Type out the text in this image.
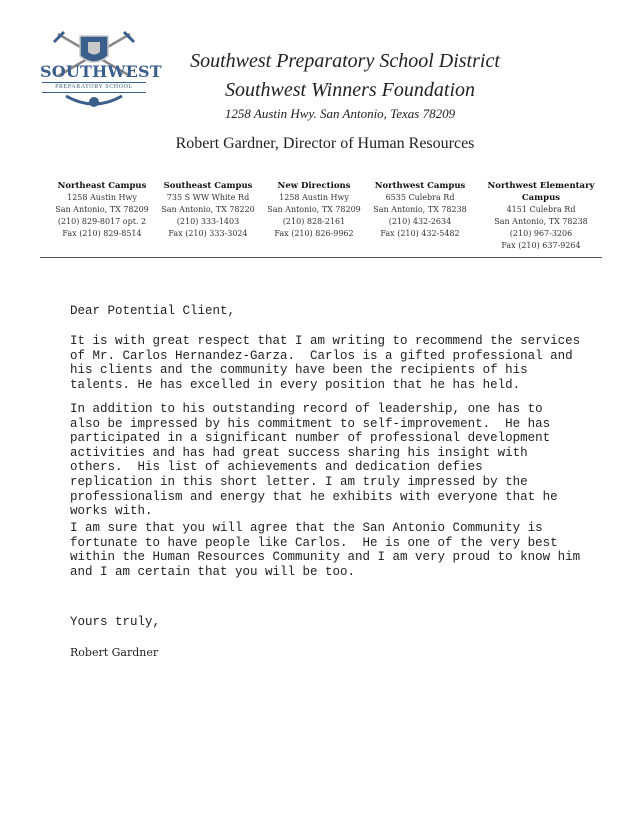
SOUTHWEST
PREPARATORY SCHOOL
Southwest Preparatory School District
Southwest Winners Foundation
1258 Austin Hwy. San Antonio, Texas 78209
Robert Gardner, Director of Human Resources
Northeast Campus
1258 Austin Hwy
San Antonio, TX 78209
(210) 829-8017 opt. 2
Fax (210) 829-8514
Southeast Campus
735 S WW White Rd
San Antonio, TX 78220
(210) 333-1403
Fax (210) 333-3024
New Directions
1258 Austin Hwy
San Antonio, TX 78209
(210) 828-2161
Fax (210) 826-9962
Northwest Campus
6535 Culebra Rd
San Antonio, TX 78238
(210) 432-2634
Fax (210) 432-5482
Northwest Elementary Campus
4151 Culebra Rd
San Antonio, TX 78238
(210) 967-3206
Fax (210) 637-9264
Dear Potential Client,
It is with great respect that I am writing to recommend the services
of Mr. Carlos Hernandez-Garza.  Carlos is a gifted professional and
his clients and the community have been the recipients of his
talents. He has excelled in every position that he has held.
In addition to his outstanding record of leadership, one has to
also be impressed by his commitment to self-improvement.  He has
participated in a significant number of professional development
activities and has had great success sharing his insight with
others.  His list of achievements and dedication defies
replication in this short letter. I am truly impressed by the
professionalism and energy that he exhibits with everyone that he
works with.
I am sure that you will agree that the San Antonio Community is
fortunate to have people like Carlos.  He is one of the very best
within the Human Resources Community and I am very proud to know him
and I am certain that you will be too.
Yours truly,
Robert Gardner
